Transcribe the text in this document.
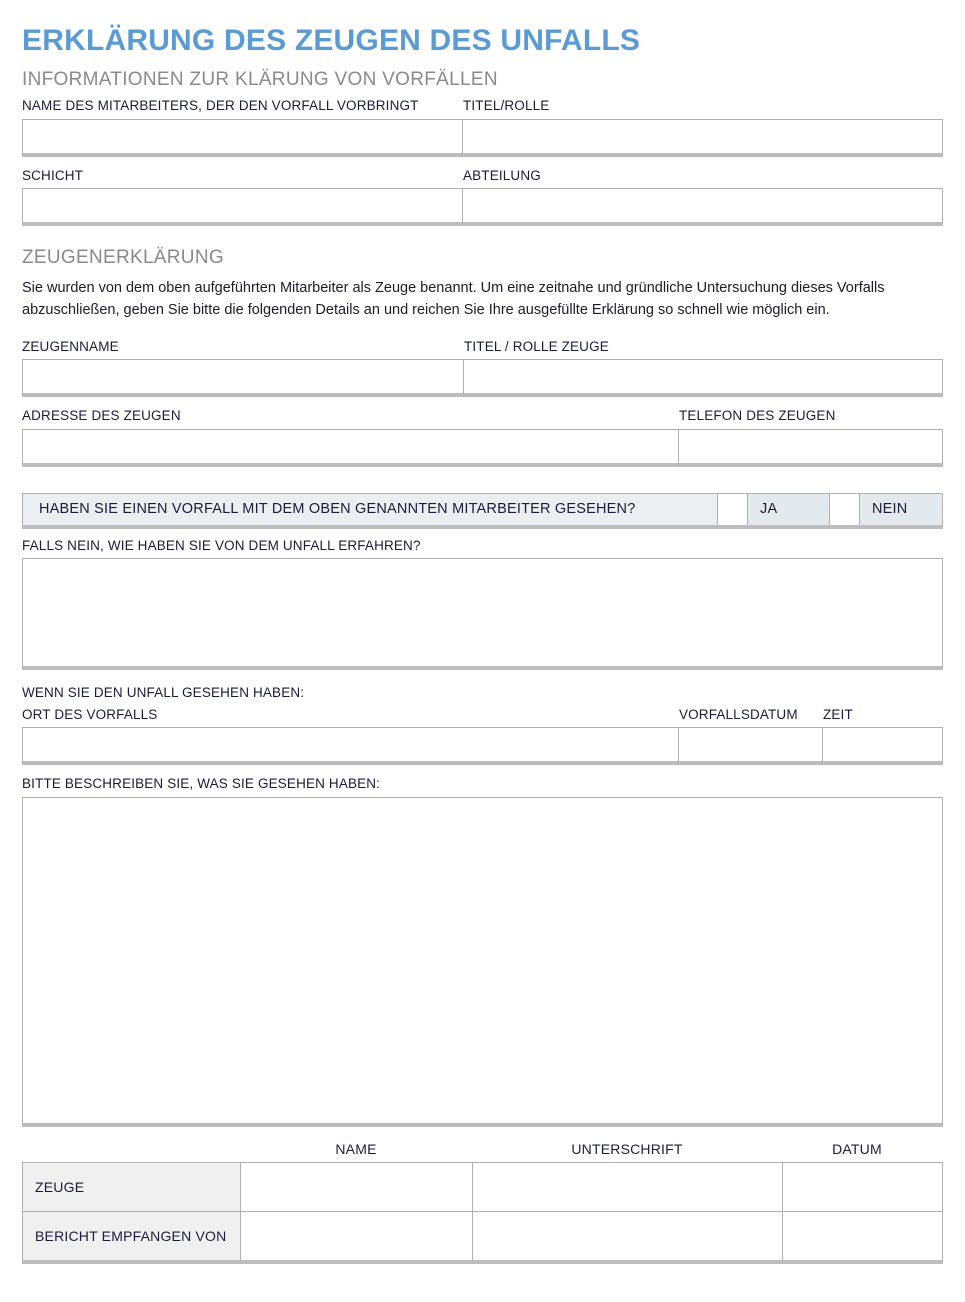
ERKLÄRUNG DES ZEUGEN DES UNFALLS
INFORMATIONEN ZUR KLÄRUNG VON VORFÄLLEN
NAME DES MITARBEITERS, DER DEN VORFALL VORBRINGT	TITEL/ROLLE
SCHICHT	ABTEILUNG
ZEUGENERKLÄRUNG

Sie wurden von dem oben aufgeführten Mitarbeiter als Zeuge benannt. Um eine zeitnahe und gründliche Untersuchung dieses Vorfalls abzuschließen, geben Sie bitte die folgenden Details an und reichen Sie Ihre ausgefüllte Erklärung so schnell wie möglich ein.

ZEUGENNAME	TITEL / ROLLE ZEUGE
ADRESSE DES ZEUGEN	TELEFON DES ZEUGEN
HABEN SIE EINEN VORFALL MIT DEM OBEN GENANNTEN MITARBEITER GESEHEN?	JA	NEIN
FALLS NEIN, WIE HABEN SIE VON DEM UNFALL ERFAHREN?
WENN SIE DEN UNFALL GESEHEN HABEN:
ORT DES VORFALLS	VORFALLSDATUM	ZEIT
BITTE BESCHREIBEN SIE, WAS SIE GESEHEN HABEN:
NAME	UNTERSCHRIFT	DATUM
ZEUGE
BERICHT EMPFANGEN VON
